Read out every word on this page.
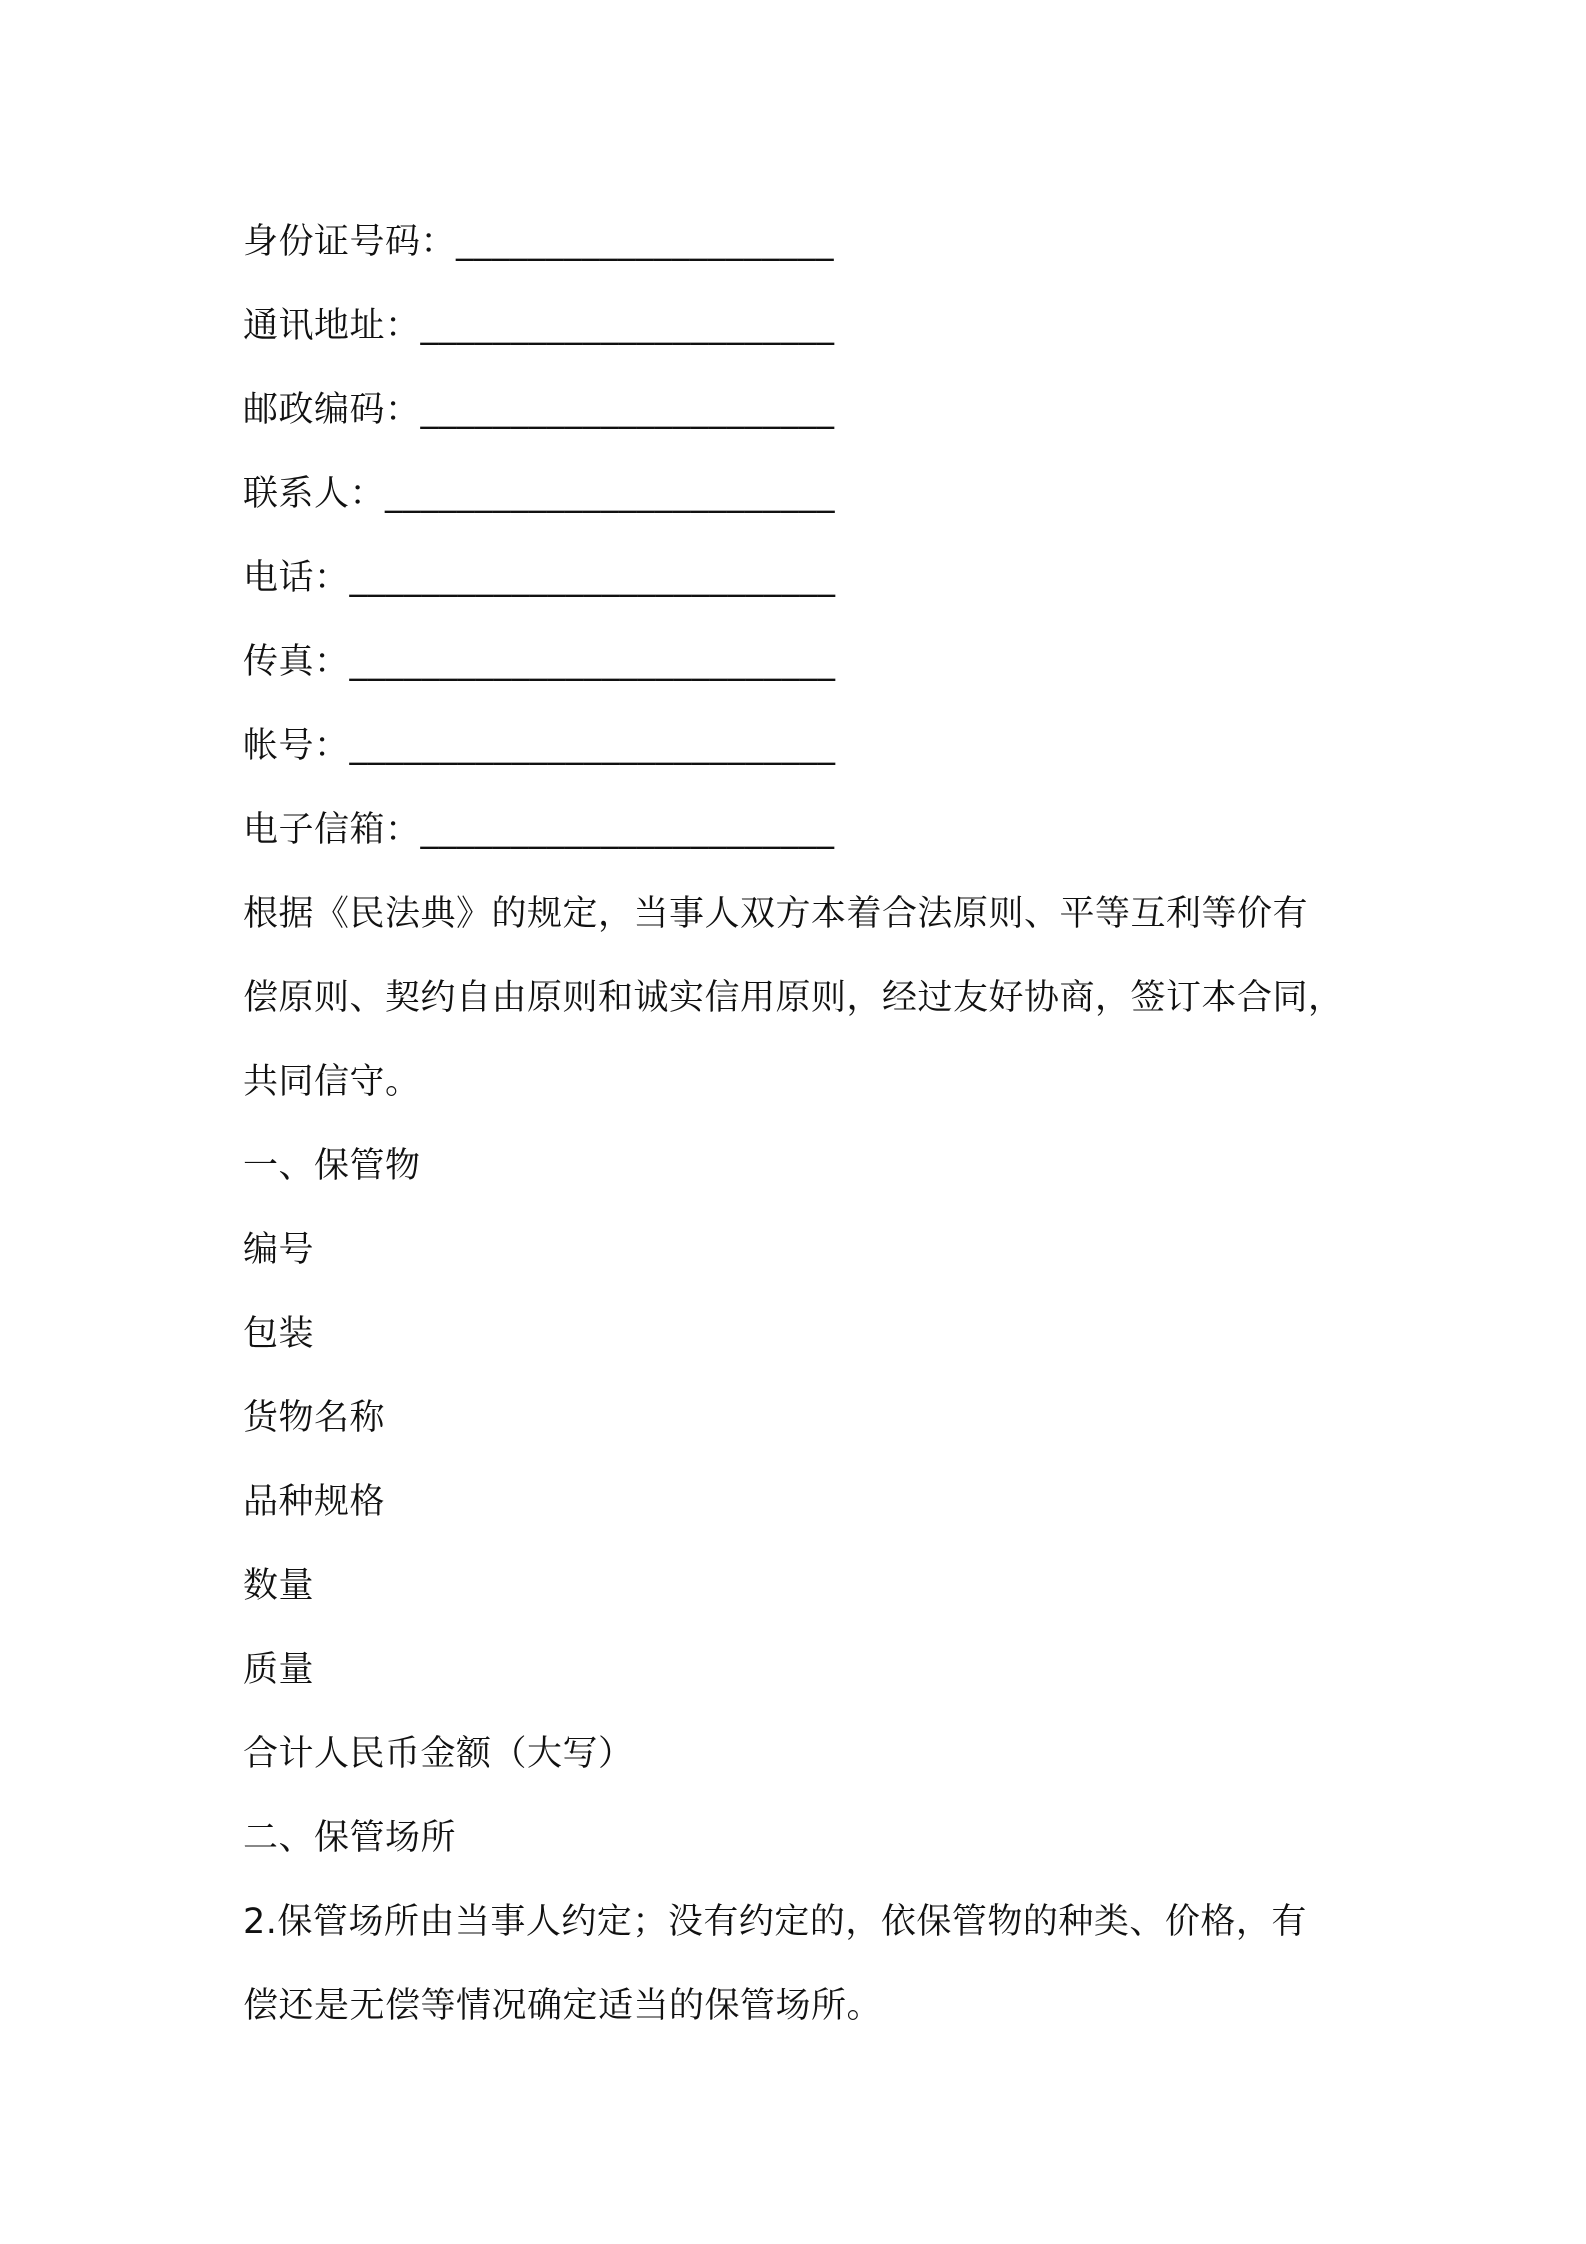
身份证号码：_____________________
通讯地址：_______________________
邮政编码：_______________________
联系人：_________________________
电话：___________________________
传真：___________________________
帐号：___________________________
电子信箱：_______________________
根据《民法典》的规定，当事人双方本着合法原则、平等互利等价有
偿原则、契约自由原则和诚实信用原则，经过友好协商，签订本合同，
共同信守。
一、保管物
编号
包装
货物名称
品种规格
数量
质量
合计人民币金额（大写）
二、保管场所
2.保管场所由当事人约定；没有约定的，依保管物的种类、价格，有
偿还是无偿等情况确定适当的保管场所。
